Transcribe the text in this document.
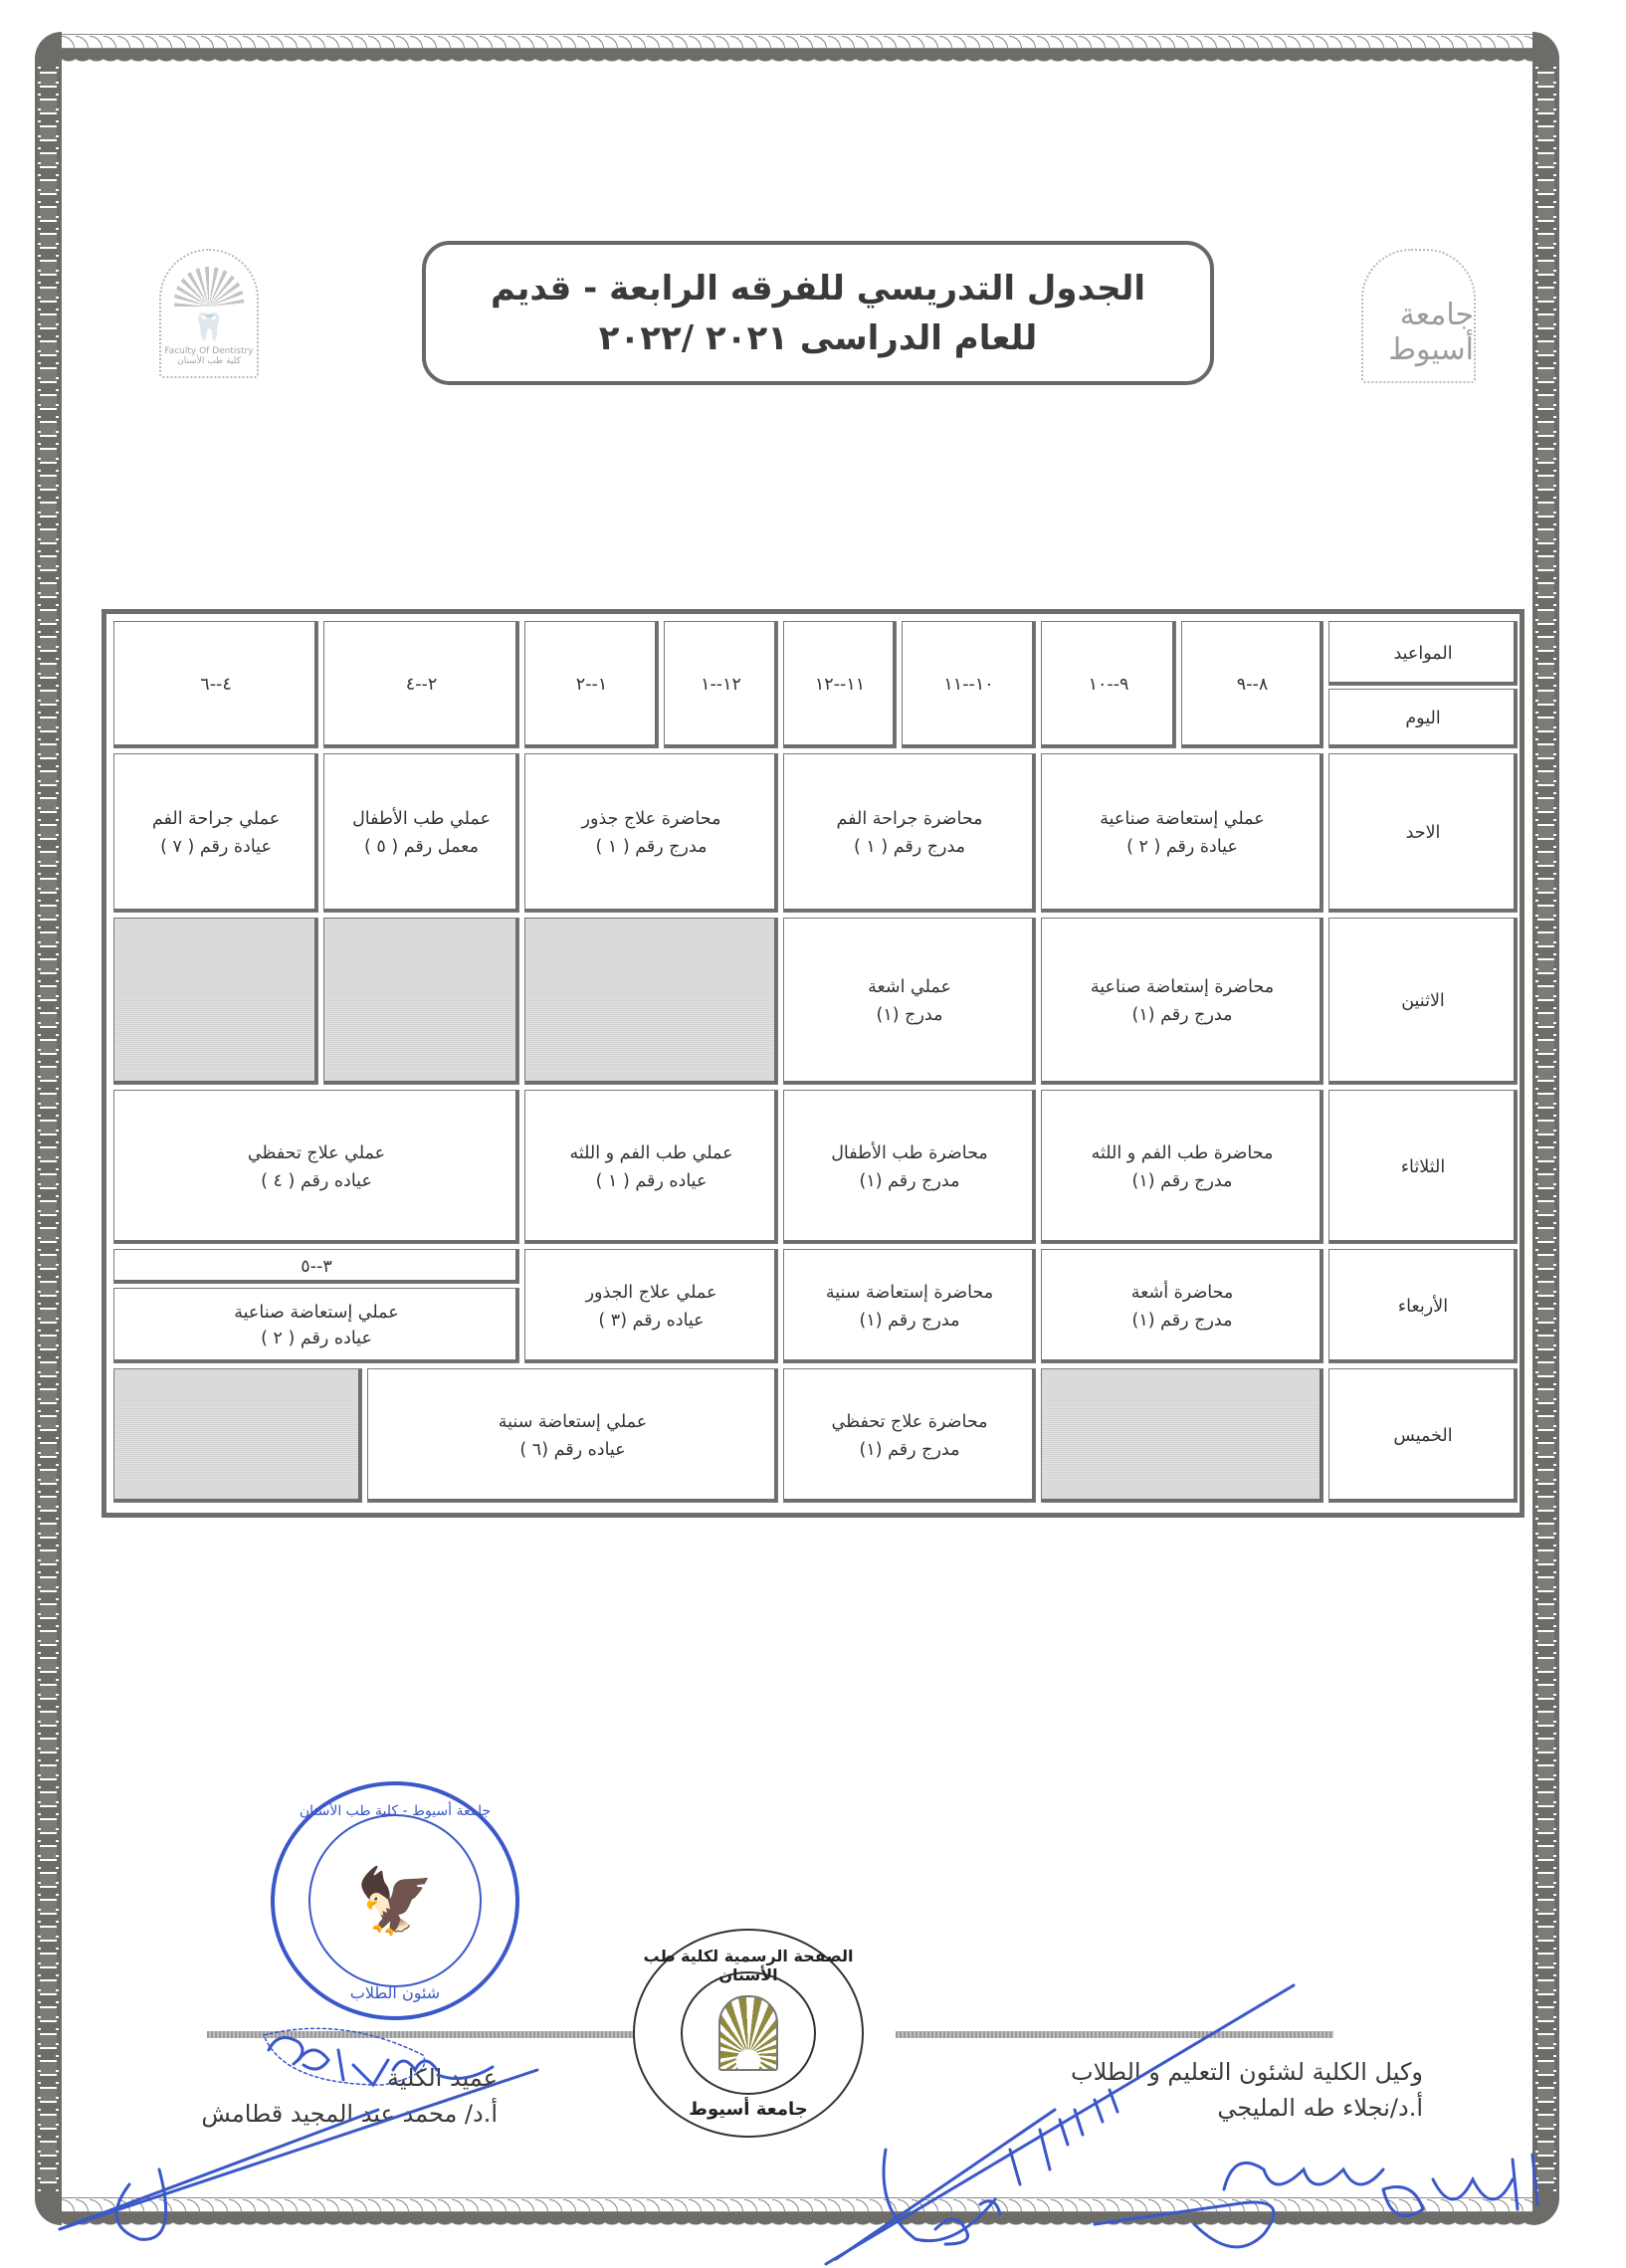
🦷
Faculty Of Dentistry
كلية طب الأسنان
جامعة أسيوط
الجدول التدريسي للفرقه الرابعة - قديم
للعام الدراسى ٢٠٢١ /٢٠٢٢
المواعيد
اليوم
٨--٩
٩--١٠
١٠--١١
١١--١٢
١٢--١
١--٢
٢--٤
٤--٦
الاحد
عملي إستعاضة صناعية
عيادة رقم ( ٢ )
محاضرة جراحة الفم
مدرج رقم ( ١ )
محاضرة علاج جذور
مدرج رقم ( ١ )
عملي طب الأطفال
معمل رقم ( ٥ )
عملي جراحة الفم
عيادة رقم ( ٧ )
الاثنين
محاضرة إستعاضة صناعية
مدرج رقم (١)
عملي اشعة
مدرج (١)
الثلاثاء
محاضرة طب الفم و اللثه
مدرج رقم (١)
محاضرة طب الأطفال
مدرج رقم (١)
عملي طب الفم و اللثه
عياده رقم ( ١ )
عملي علاج تحفظي
عياده رقم ( ٤ )
الأربعاء
محاضرة أشعة
مدرج رقم (١)
محاضرة إستعاضة سنية
مدرج رقم (١)
عملي علاج الجذور
عياده رقم (٣ )
٣--٥
عملي إستعاضة صناعية
عياده رقم ( ٢ )
الخميس
محاضرة علاج تحفظي
مدرج رقم (١)
عملي إستعاضة سنية
عياده رقم (٦ )
جامعة أسيوط - كلية طب الأسنان
🦅
شئون الطلاب
الصفحة الرسمية لكلية طب الأسنان
جامعة أسيوط
وكيل الكلية لشئون التعليم و الطلاب
أ.د/نجلاء طه المليجي
عميد الكلية
أ.د/ محمد عبد المجيد قطامش
